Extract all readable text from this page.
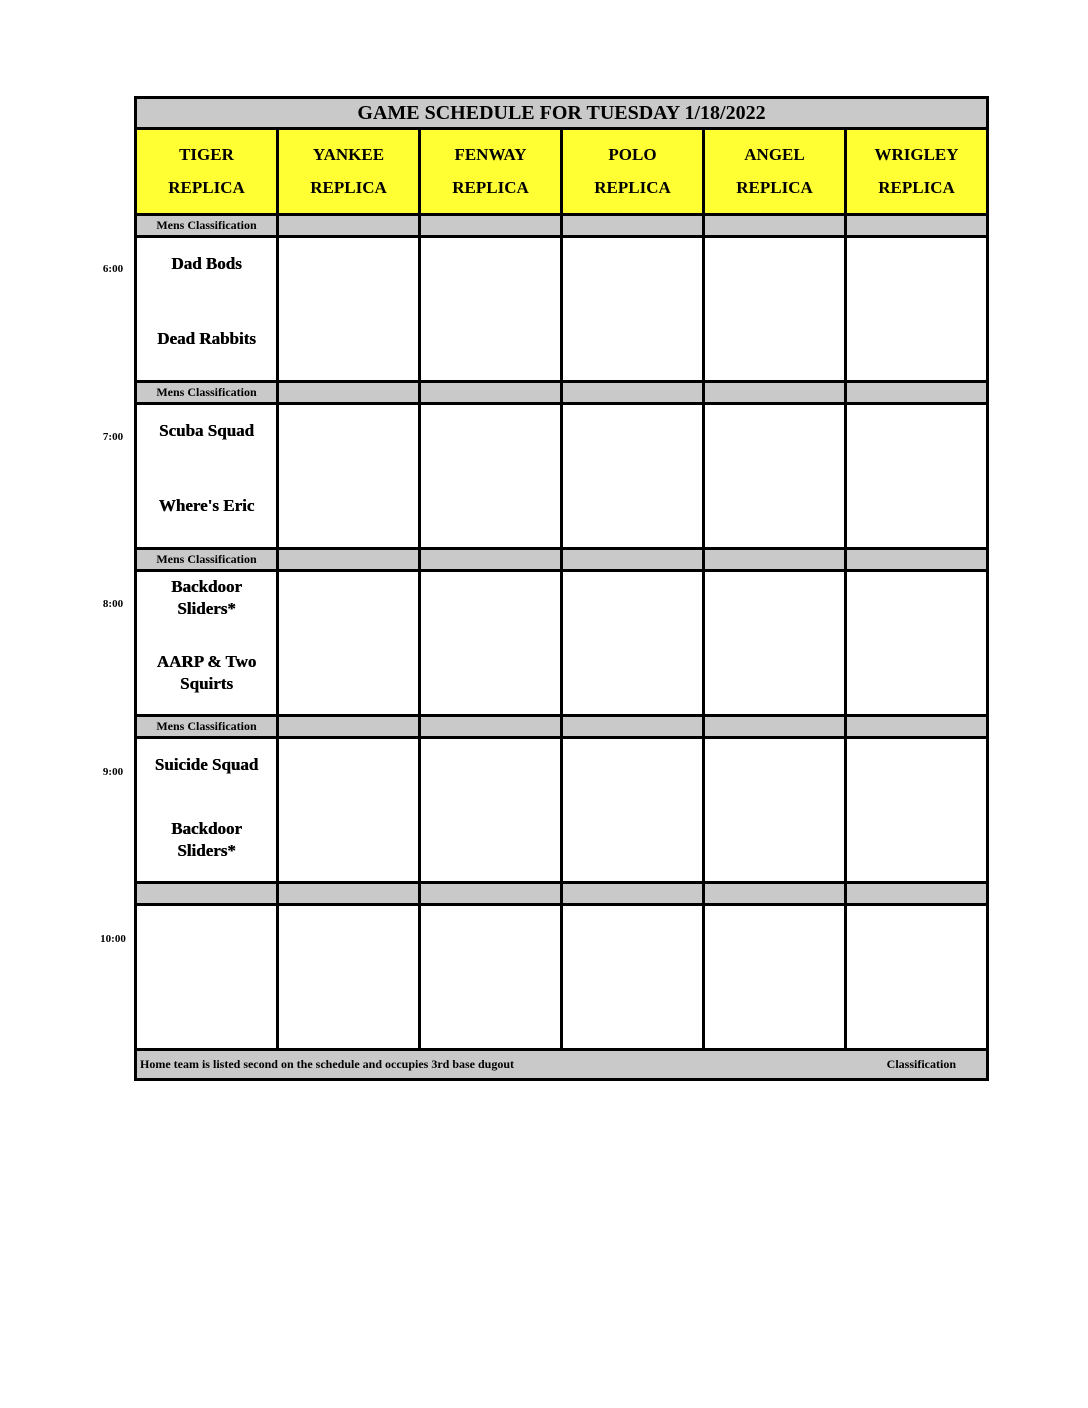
6:00
7:00
8:00
9:00
10:00
GAME SCHEDULE FOR TUESDAY 1/18/2022
TIGER
REPLICA
YANKEE
REPLICA
FENWAY
REPLICA
POLO
REPLICA
ANGEL
REPLICA
WRIGLEY
REPLICA
Mens Classification
Dad Bods
Dead Rabbits
Mens Classification
Scuba Squad
Where's Eric
Mens Classification
Backdoor Sliders*
AARP & Two Squirts
Mens Classification
Suicide Squad
Backdoor Sliders*
Home team is listed second on the schedule and occupies 3rd base dugout	Classification
